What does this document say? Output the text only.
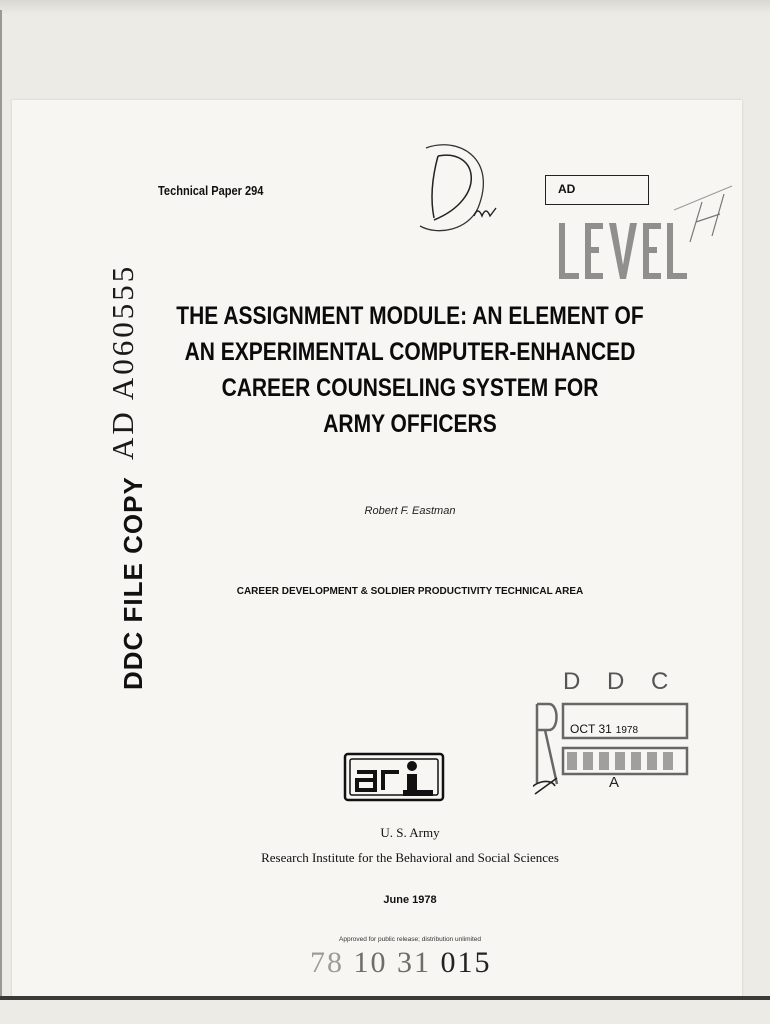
Technical Paper 294	AD
AD A060555
DDC FILE COPY
THE ASSIGNMENT MODULE: AN ELEMENT OF
AN EXPERIMENTAL COMPUTER-ENHANCED
CAREER COUNSELING SYSTEM FOR
ARMY OFFICERS
Robert F. Eastman
CAREER DEVELOPMENT & SOLDIER PRODUCTIVITY TECHNICAL AREA
D D C
OCT 31 1978
A
U. S. Army
Research Institute for the Behavioral and Social Sciences
June 1978
Approved for public release; distribution unlimited
78 10 31 015
